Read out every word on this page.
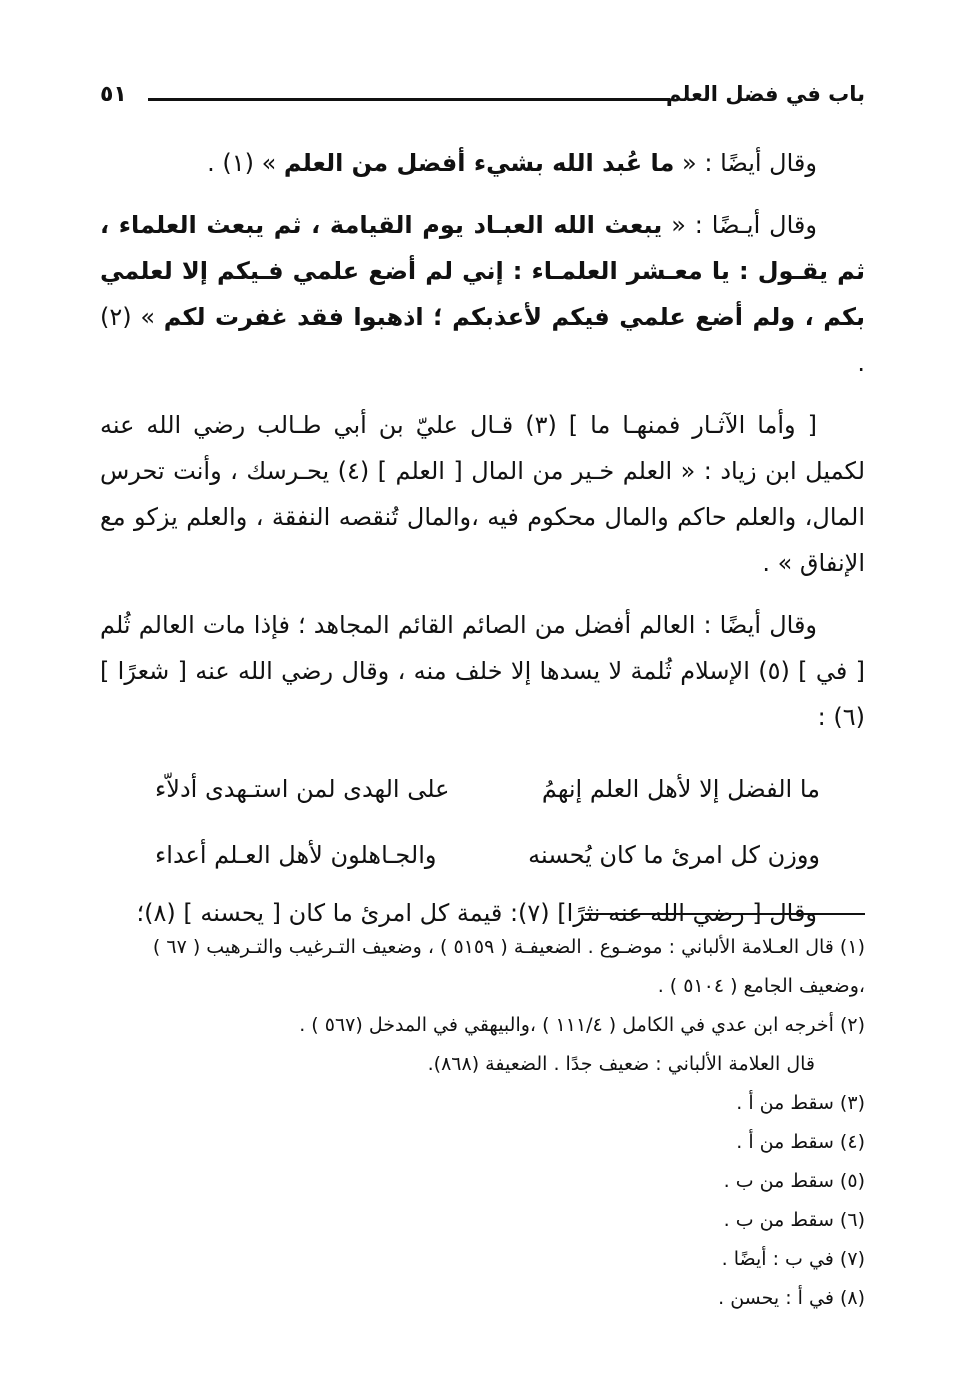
باب في فضل العلم
٥١

وقال أيضًا : « ما عُبد الله بشيء أفضل من العلم » (١) .

وقال أيـضًا : « يبعث الله العبـاد يوم القيامة ، ثم يبعث العلماء ، ثم يقـول : يا معـشر العلمـاء : إني لم أضع علمي فـيكم إلا لعلمي بكم ، ولم أضع علمي فيكم لأعذبكم ؛ اذهبوا فقد غفرت لكم » (٢) .

[ وأما الآثـار فمنهـا ما ] (٣) قـال عليّ بن أبي طـالب رضي الله عنه لكميل ابن زياد : « العلم خـير من المال [ العلم ] (٤) يحـرسك ، وأنت تحرس المال، والعلم حاكم والمال محكوم فيه ،والمال تُنقصه النفقة ، والعلم يزكو مع الإنفاق » .

وقال أيضًا : العالم أفضل من الصائم القائم المجاهد ؛ فإذا مات العالم ثُلم [ في ] (٥) الإسلام ثُلمة لا يسدها إلا خلف منه ، وقال رضي الله عنه [ شعرًا ] (٦) :

ما الفضل إلا لأهل العلم إنهمُ
على الهدى لمن استـهدى أدلاّء
ووزن كل امرئ ما كان يُحسنه
والجـاهلون لأهل العـلم أعداء

وقال [ رضي الله عنه نثرًا] (٧): قيمة كل امرئ ما كان [ يحسنه ] (٨)؛

(١) قال العـلامة الألباني : موضـوع . الضعيفـة ( ٥١٥٩ ) ، وضعيف التـرغيب والتـرهيب ( ٦٧ ) ،وضعيف الجامع ( ٥١٠٤ ) .

(٢) أخرجه ابن عدي في الكامل ( ١١١/٤ ) ،والبيهقي في المدخل (٥٦٧ ) .
قال العلامة الألباني : ضعيف جدًا . الضعيفة (٨٦٨).

(٣) سقط من أ .

(٤) سقط من أ .

(٥) سقط من ب .

(٦) سقط من ب .

(٧) في ب : أيضًا .

(٨) في أ : يحسن .
